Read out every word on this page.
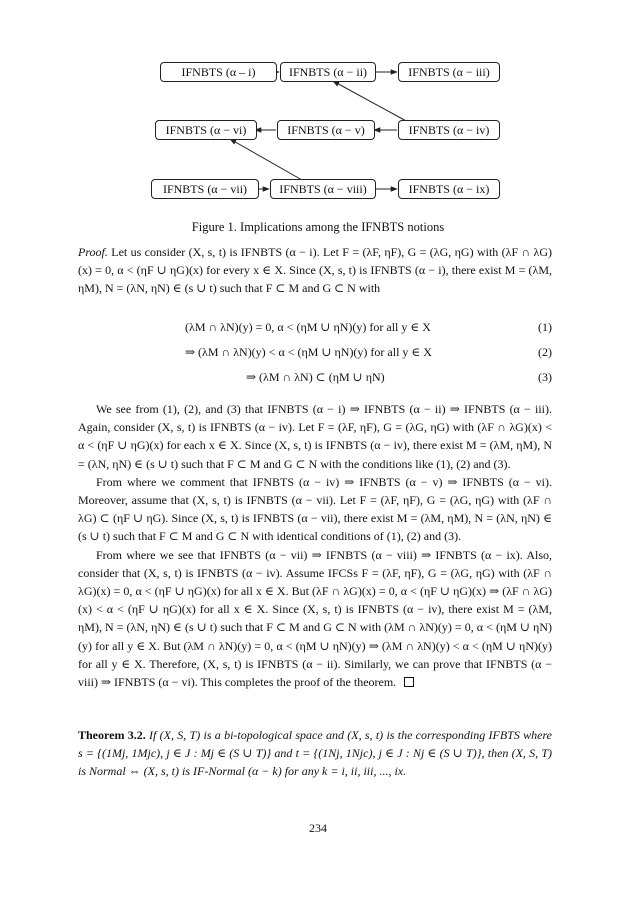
IFNBTS (α – i)	IFNBTS (α − ii)	IFNBTS (α − iii)
IFNBTS (α − vi)	IFNBTS (α − v)	IFNBTS (α − iv)
IFNBTS (α − vii)	IFNBTS (α − viii)	IFNBTS (α − ix)
Figure 1. Implications among the IFNBTS notions

Proof. Let us consider (X, s, t) is IFNBTS (α − i). Let F = (λF, ηF), G = (λG, ηG) with (λF ∩ λG)(x) = 0, α < (ηF ∪ ηG)(x) for every x ∈ X. Since (X, s, t) is IFNBTS (α − i), there exist M = (λM, ηM), N = (λN, ηN) ∈ (s ∪ t) such that F ⊂ M and G ⊂ N with

(λM ∩ λN)(y) = 0, α < (ηM ∪ ηN)(y) for all y ∈ X	(1)
⇒ (λM ∩ λN)(y) < α < (ηM ∪ ηN)(y) for all y ∈ X	(2)
⇒ (λM ∩ λN) ⊂ (ηM ∪ ηN)	(3)

We see from (1), (2), and (3) that IFNBTS (α − i) ⇒ IFNBTS (α − ii) ⇒ IFNBTS (α − iii). Again, consider (X, s, t) is IFNBTS (α − iv). Let F = (λF, ηF), G = (λG, ηG) with (λF ∩ λG)(x) < α < (ηF ∪ ηG)(x) for each x ∈ X. Since (X, s, t) is IFNBTS (α − iv), there exist M = (λM, ηM), N = (λN, ηN) ∈ (s ∪ t) such that F ⊂ M and G ⊂ N with the conditions like (1), (2) and (3).

From where we comment that IFNBTS (α − iv) ⇒ IFNBTS (α − v) ⇒ IFNBTS (α − vi). Moreover, assume that (X, s, t) is IFNBTS (α − vii). Let F = (λF, ηF), G = (λG, ηG) with (λF ∩ λG) ⊂ (ηF ∪ ηG). Since (X, s, t) is IFNBTS (α − vii), there exist M = (λM, ηM), N = (λN, ηN) ∈ (s ∪ t) such that F ⊂ M and G ⊂ N with identical conditions of (1), (2) and (3).

From where we see that IFNBTS (α − vii) ⇒ IFNBTS (α − viii) ⇒ IFNBTS (α − ix). Also, consider that (X, s, t) is IFNBTS (α − iv). Assume IFCSs F = (λF, ηF), G = (λG, ηG) with (λF ∩ λG)(x) = 0, α < (ηF ∪ ηG)(x) for all x ∈ X. But (λF ∩ λG)(x) = 0, α < (ηF ∪ ηG)(x) ⇒ (λF ∩ λG)(x) < α < (ηF ∪ ηG)(x) for all x ∈ X. Since (X, s, t) is IFNBTS (α − iv), there exist M = (λM, ηM), N = (λN, ηN) ∈ (s ∪ t) such that F ⊂ M and G ⊂ N with (λM ∩ λN)(y) = 0, α < (ηM ∪ ηN)(y) for all y ∈ X. But (λM ∩ λN)(y) = 0, α < (ηM ∪ ηN)(y) ⇒ (λM ∩ λN)(y) < α < (ηM ∪ ηN)(y) for all y ∈ X. Therefore, (X, s, t) is IFNBTS (α − ii). Similarly, we can prove that IFNBTS (α − viii) ⇒ IFNBTS (α − vi). This completes the proof of the theorem.

Theorem 3.2. If (X, S, T) is a bi-topological space and (X, s, t) is the corresponding IFBTS where s = {(1Mj, 1Mjc), j ∈ J : Mj ∈ (S ∪ T)} and t = {(1Nj, 1Njc), j ∈ J : Nj ∈ (S ∪ T)}, then (X, S, T) is Normal ⇔ (X, s, t) is IF-Normal (α − k) for any k = i, ii, iii, ..., ix.

234
